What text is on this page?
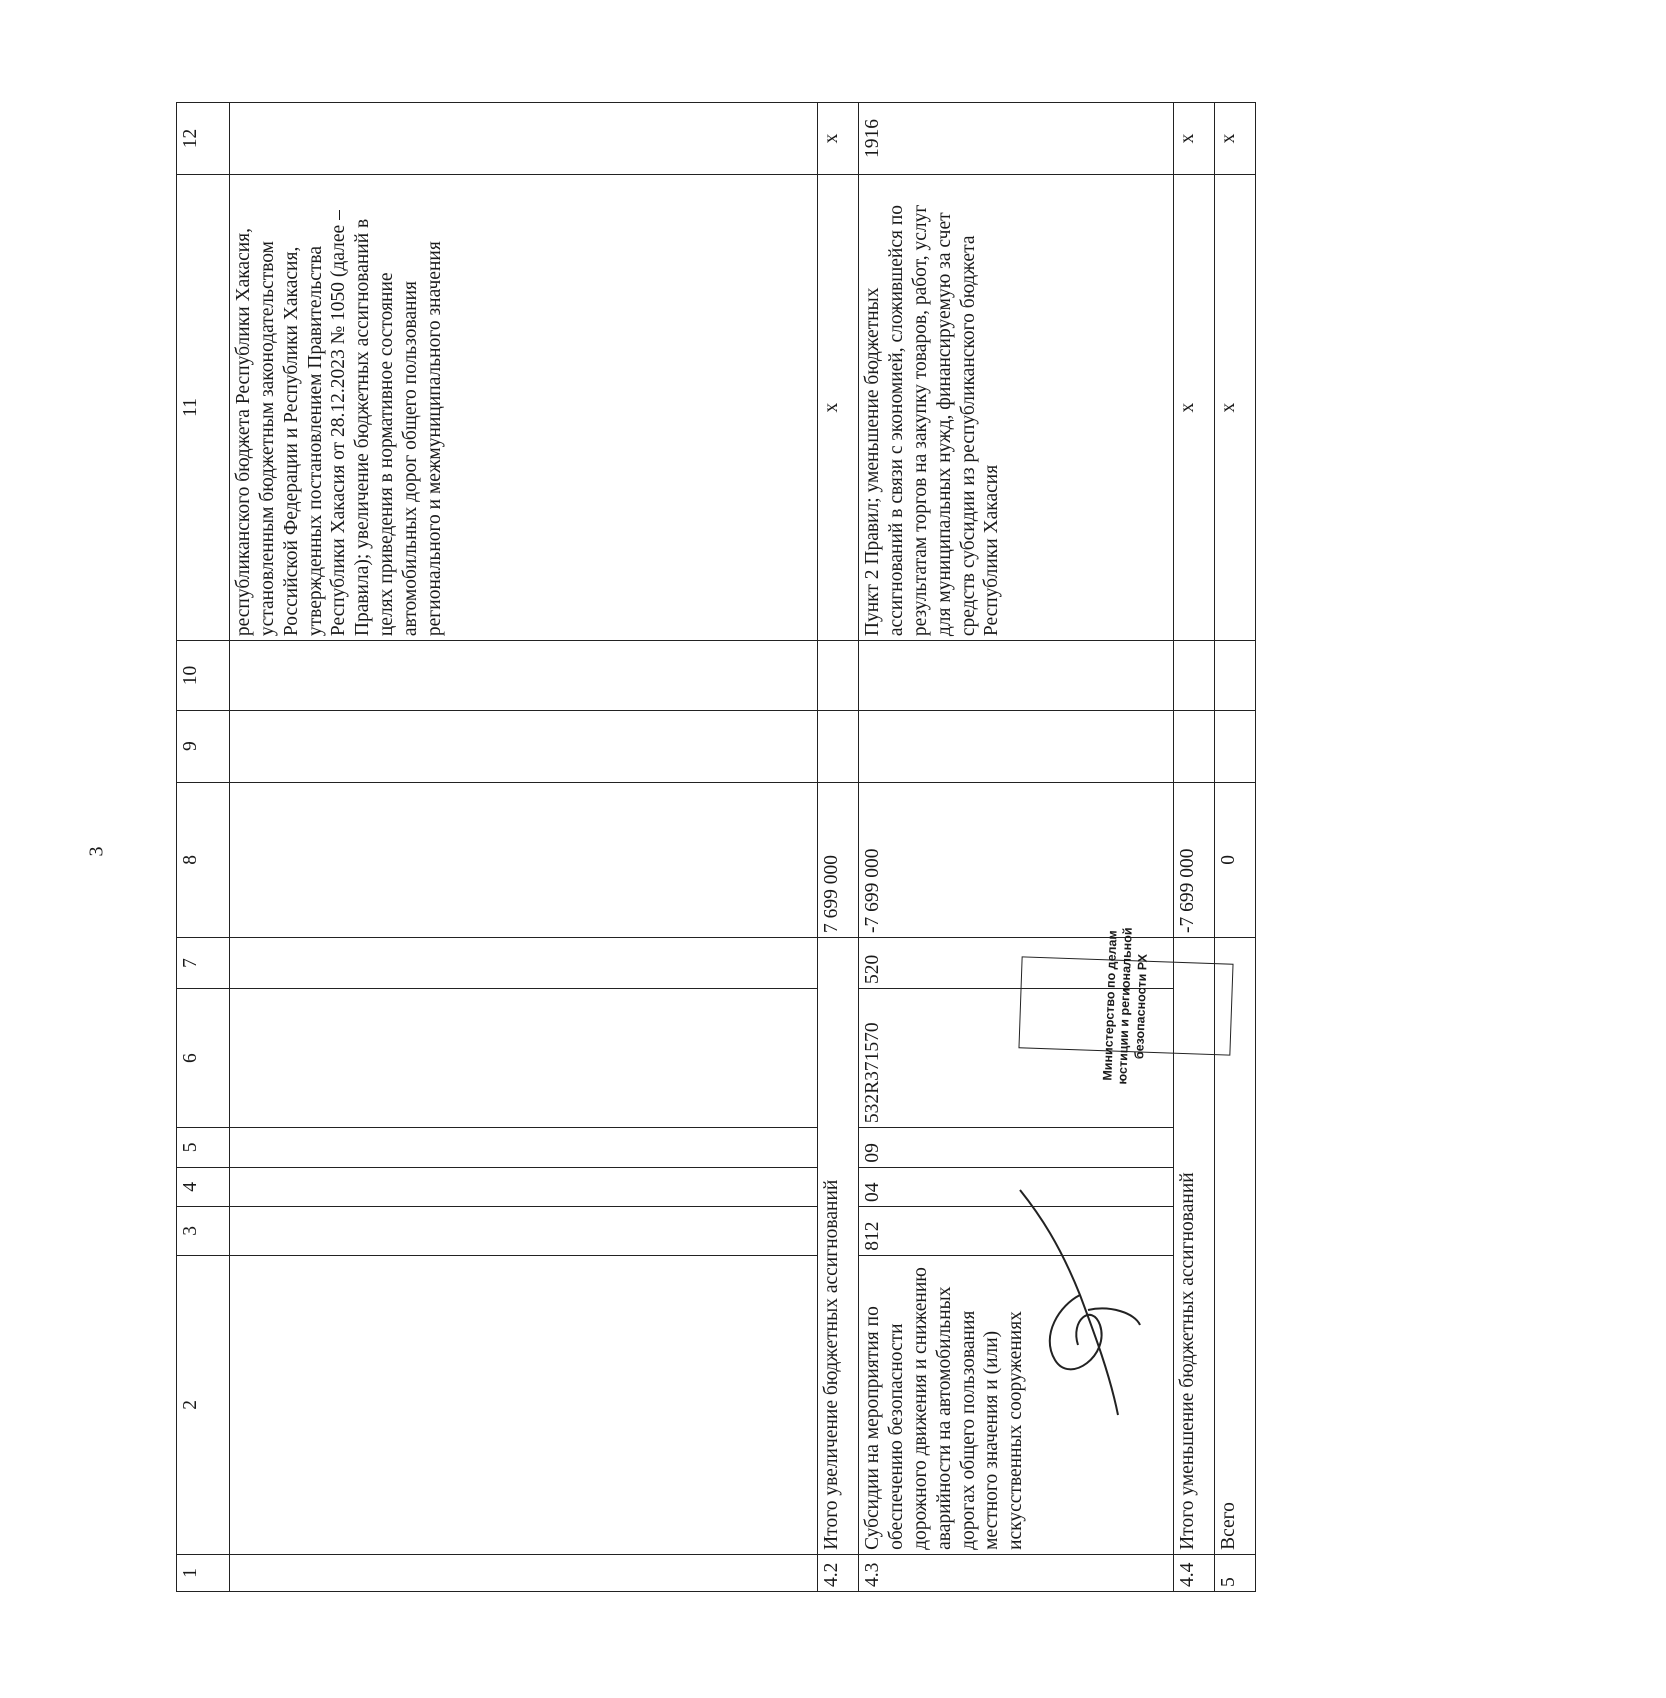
3
1	2	3	4	5	6	7	8	9	10	11	12
										республиканского бюджета Республики Хакасия, установленным бюджетным законодательством Российской Федерации и Республики Хакасия, утвержденных постановлением Правительства Республики Хакасия от 28.12.2023 № 1050 (далее – Правила); увеличение бюджетных ассигнований в целях приведения в нормативное состояние автомобильных дорог общего пользования регионального и межмуниципального значения	
4.2	Итого увеличение бюджетных ассигнований						7 699 000			x	x
4.3	Субсидии на мероприятия по обеспечению безопасности дорожного движения и снижению аварийности на автомобильных дорогах общего пользования местного значения и (или) искусственных сооружениях	812	04	09	532R371570	520	-7 699 000			Пункт 2 Правил; уменьшение бюджетных ассигнований в связи с экономией, сложившейся по результатам торгов на закупку товаров, работ, услуг для муниципальных нужд, финансируемую за счет средств субсидии из республиканского бюджета Республики Хакасия	1916
4.4	Итого уменьшение бюджетных ассигнований						-7 699 000			x	x
5	Всего						0			x	x
Министерство по делам
юстиции и региональной
безопасности РХ
